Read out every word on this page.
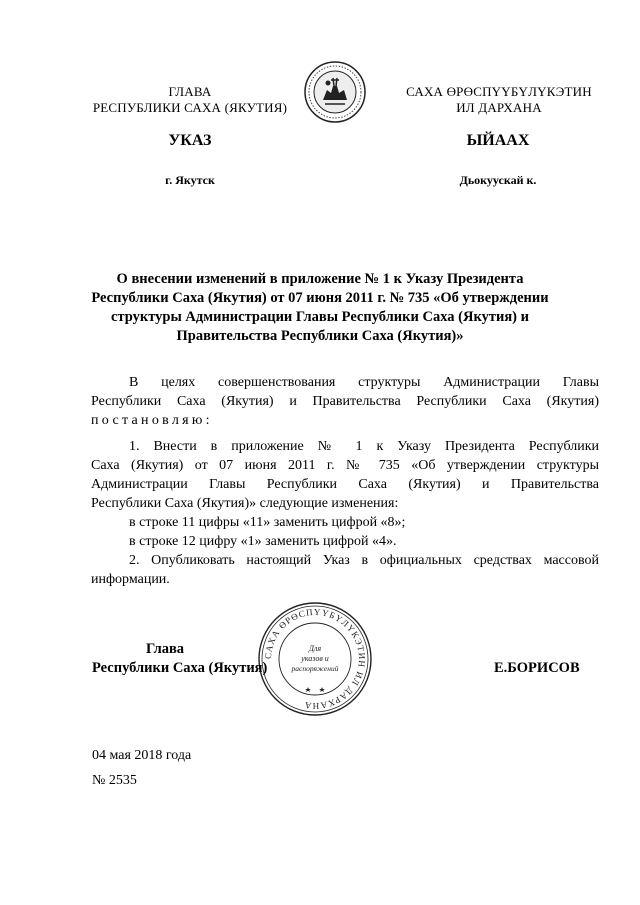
ГЛАВА
РЕСПУБЛИКИ САХА (ЯКУТИЯ)
САХА ӨРӨСПҮҮБҮЛҮКЭТИН
ИЛ ДАРХАНА
УКАЗ	ЫЙААХ
г. Якутск	Дьокуускай к.
О внесении изменений в приложение № 1 к Указу Президента
Республики Саха (Якутия) от 07 июня 2011 г. № 735 «Об утверждении
структуры Администрации Главы Республики Саха (Якутия) и
Правительства Республики Саха (Якутия)»
В целях совершенствования структуры Администрации Главы
Республики Саха (Якутия) и Правительства Республики Саха (Якутия)
постановляю:
1. Внести в приложение № 1 к Указу Президента Республики
Саха (Якутия) от 07 июня 2011 г. № 735 «Об утверждении структуры
Администрации Главы Республики Саха (Якутия) и Правительства
Республики Саха (Якутия)» следующие изменения:
в строке 11 цифры «11» заменить цифрой «8»;
в строке 12 цифру «1» заменить цифрой «4».
2. Опубликовать настоящий Указ в официальных средствах массовой
информации.
САХА ӨРӨСПҮҮБҮЛҮКЭТИН ИЛ ДАРХАНА
Для
указов и
распоряжений
Глава
Республики Саха (Якутия)	Е.БОРИСОВ
04 мая 2018 года
№ 2535
